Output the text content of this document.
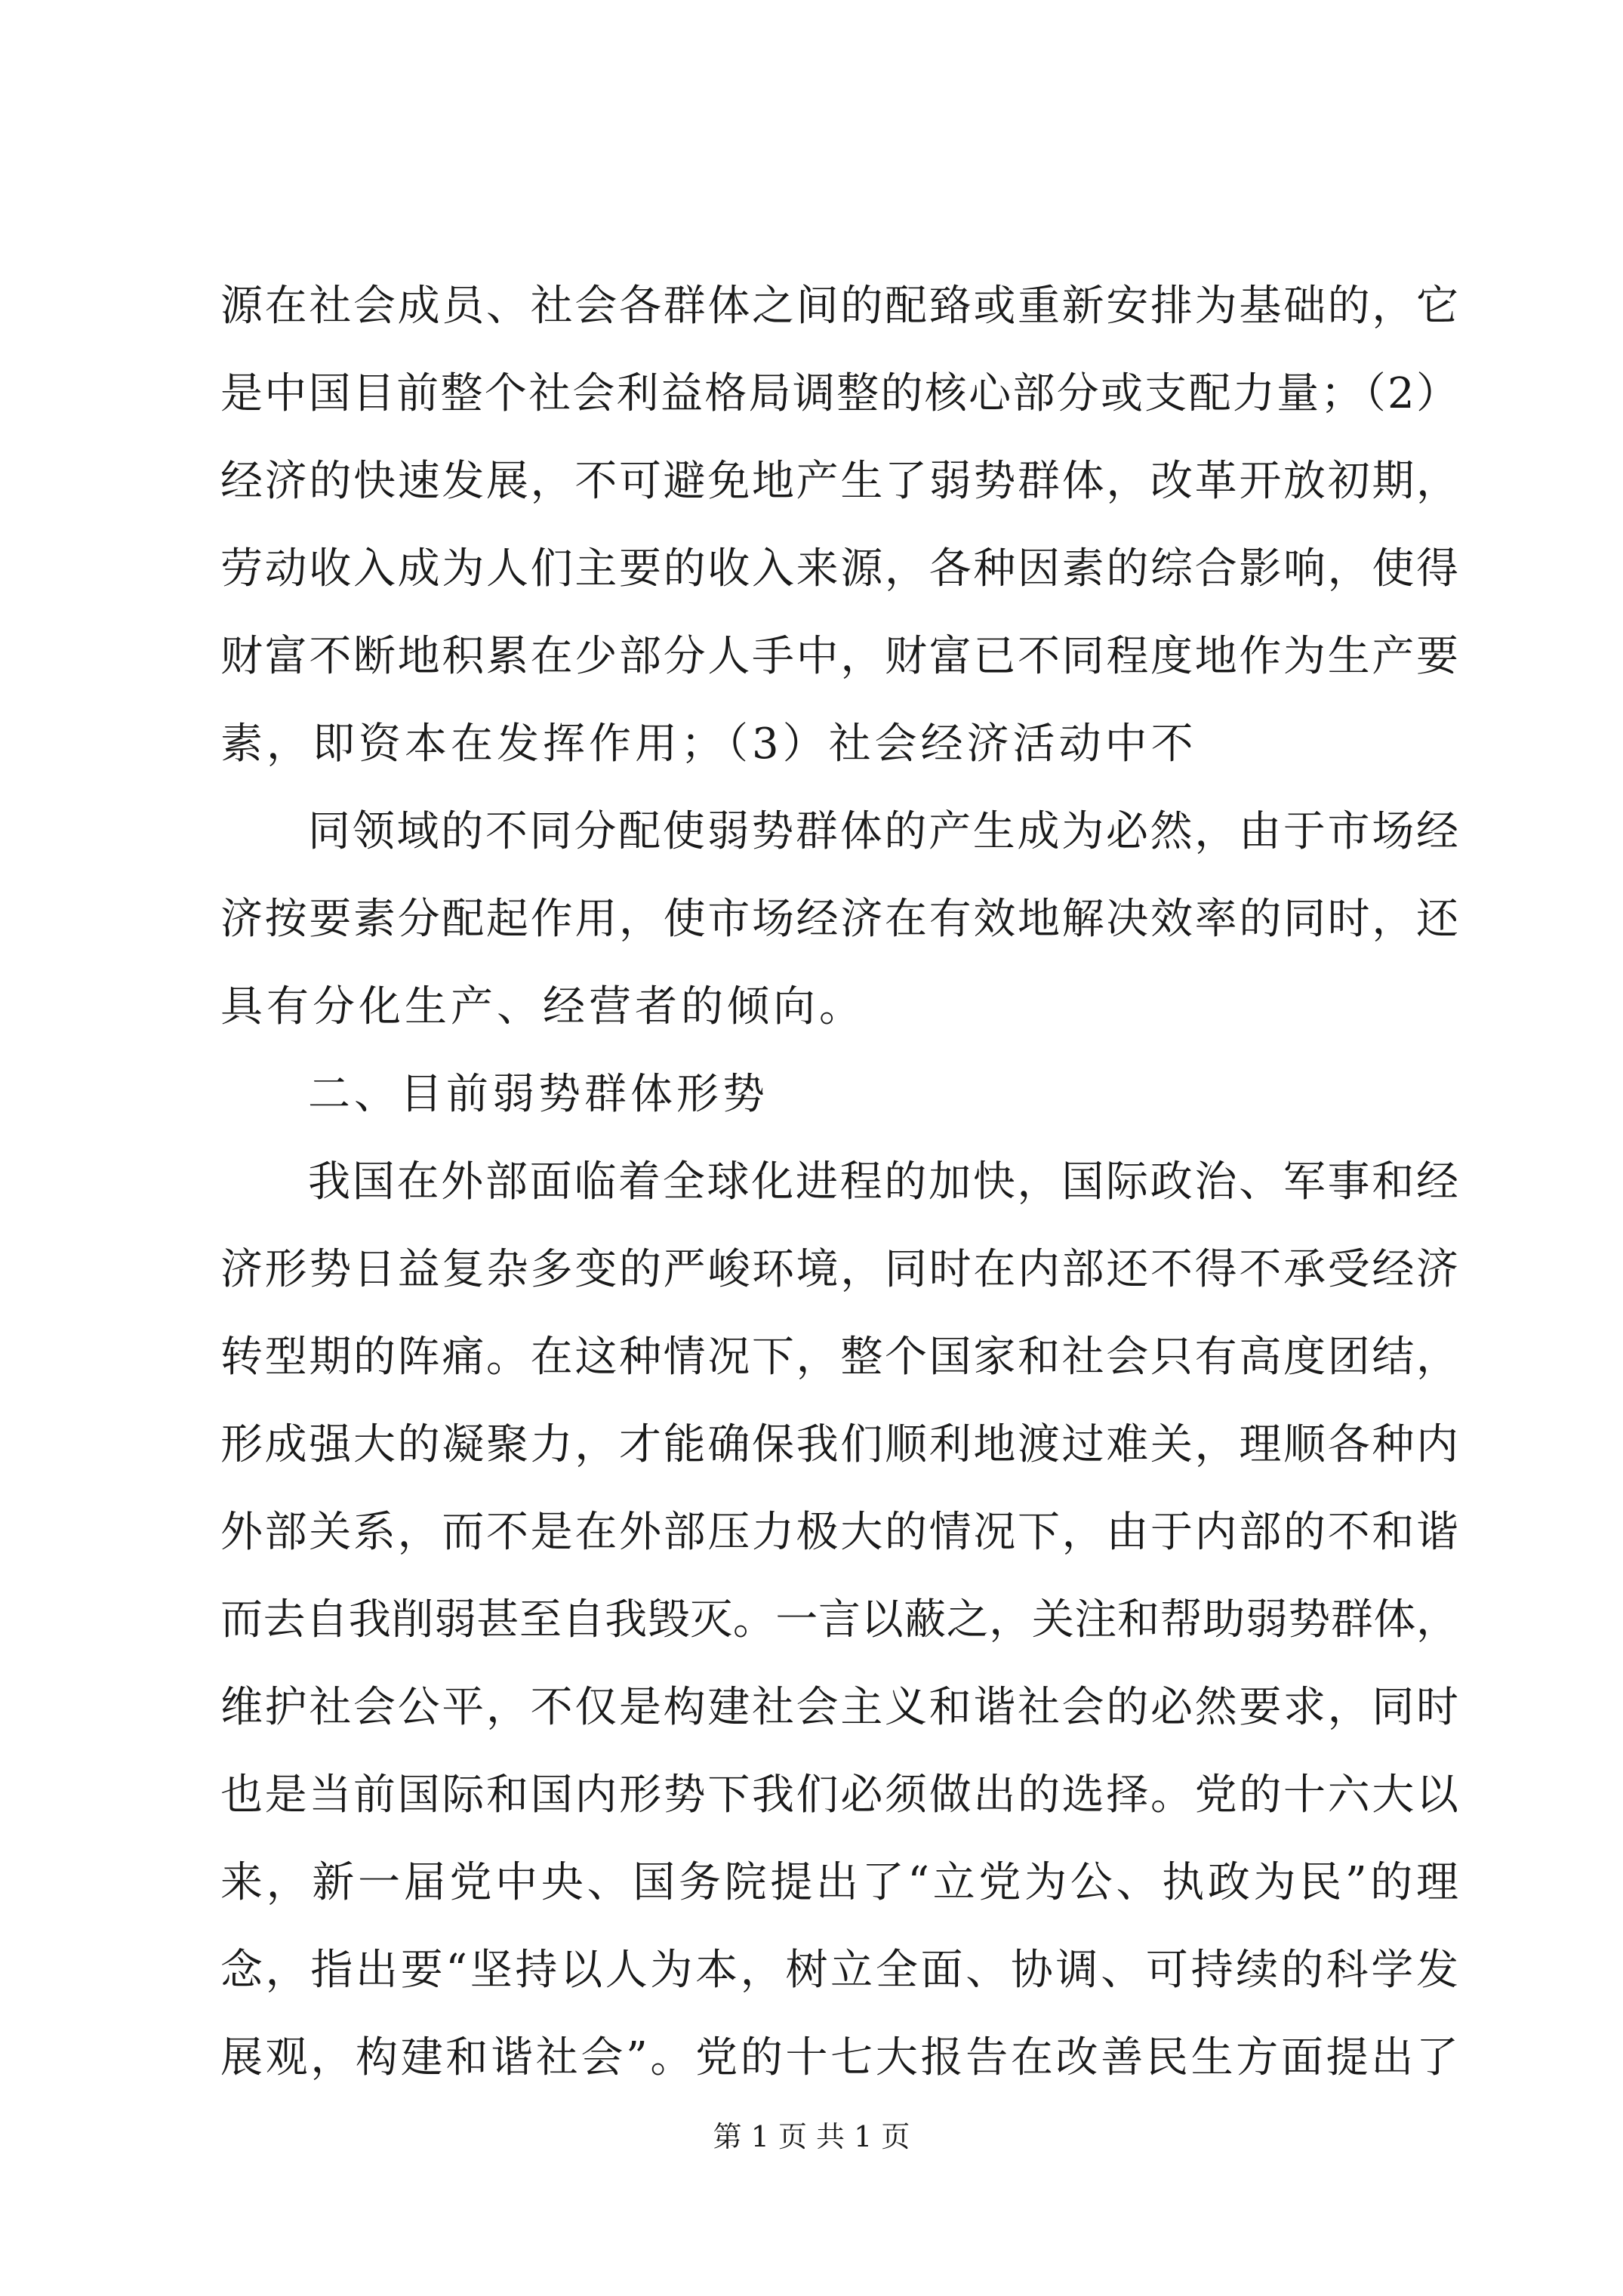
源在社会成员、社会各群体之间的配臵或重新安排为基础的，它
是中国目前整个社会利益格局调整的核心部分或支配力量；（2）
经济的快速发展，不可避免地产生了弱势群体，改革开放初期，
劳动收入成为人们主要的收入来源，各种因素的综合影响，使得
财富不断地积累在少部分人手中，财富已不同程度地作为生产要
素，即资本在发挥作用；（3）社会经济活动中不
同领域的不同分配使弱势群体的产生成为必然，由于市场经
济按要素分配起作用，使市场经济在有效地解决效率的同时，还
具有分化生产、经营者的倾向。
二、目前弱势群体形势
我国在外部面临着全球化进程的加快，国际政治、军事和经
济形势日益复杂多变的严峻环境，同时在内部还不得不承受经济
转型期的阵痛。在这种情况下，整个国家和社会只有高度团结，
形成强大的凝聚力，才能确保我们顺利地渡过难关，理顺各种内
外部关系，而不是在外部压力极大的情况下，由于内部的不和谐
而去自我削弱甚至自我毁灭。一言以蔽之，关注和帮助弱势群体，
维护社会公平，不仅是构建社会主义和谐社会的必然要求，同时
也是当前国际和国内形势下我们必须做出的选择。党的十六大以
来，新一届党中央、国务院提出了“立党为公、执政为民”的理
念，指出要“坚持以人为本，树立全面、协调、可持续的科学发
展观，构建和谐社会”。党的十七大报告在改善民生方面提出了
第 1 页 共 1 页
